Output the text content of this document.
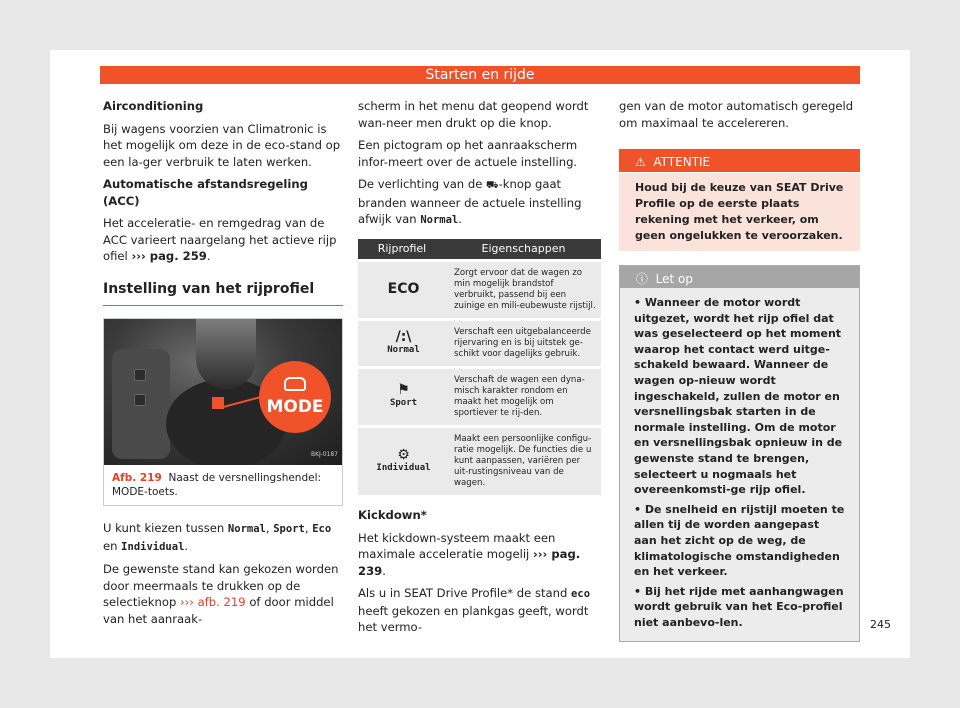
Starten en rijde

Airconditioning

Bij wagens voorzien van Climatronic is het mogelijk om deze in de eco-stand op een la-ger verbruik te laten werken.

Automatische afstandsregeling (ACC)

Het acceleratie- en remgedrag van de ACC varieert naargelang het actieve rijp ofiel ››› pag. 259.

Instelling van het rijprofiel
MODE
BKJ-0187
Afb. 219 Naast de versnellingshendel: MODE-toets.

U kunt kiezen tussen Normal, Sport, Eco en Individual.

De gewenste stand kan gekozen worden door meermaals te drukken op de selectieknop ››› afb. 219 of door middel van het aanraak-

scherm in het menu dat geopend wordt wan-neer men drukt op die knop.

Een pictogram op het aanraakscherm infor-meert over de actuele instelling.

De verlichting van de ⛟-knop gaat branden wanneer de actuele instelling afwijk van Normal.

Rijprofiel	Eigenschappen

ECO	Zorgt ervoor dat de wagen zo min mogelijk brandstof verbruikt, passend bij een zuinige en mili-eubewuste rijstijl.

/:\
Normal	Verschaft een uitgebalanceerde rijervaring en is bij uitstek ge-schikt voor dagelijks gebruik.

⚑
Sport	Verschaft de wagen een dyna-misch karakter rondom en maakt het mogelijk om sportiever te rij-den.

⚙
Individual	Maakt een persoonlijke configu-ratie mogelijk. De functies die u kunt aanpassen, variëren per uit-rustingsniveau van de wagen.

Kickdown*

Het kickdown-systeem maakt een maximale acceleratie mogelij ››› pag. 239.

Als u in SEAT Drive Profile* de stand eco heeft gekozen en plankgas geeft, wordt het vermo-

gen van de motor automatisch geregeld om maximaal te accelereren.

⚠ ATTENTIE
Houd bij de keuze van SEAT Drive Profile op de eerste plaats rekening met het verkeer, om geen ongelukken te veroorzaken.
ⓘ Let op

• Wanneer de motor wordt uitgezet, wordt het rijp ofiel dat was geselecteerd op het moment waarop het contact werd uitge-schakeld bewaard. Wanneer de wagen op-nieuw wordt ingeschakeld, zullen de motor en versnellingsbak starten in de normale instelling. Om de motor en versnellingsbak opnieuw in de gewenste stand te brengen, selecteert u nogmaals het overeenkomsti-ge rijp ofiel.

• De snelheid en rijstijl moeten te allen tij de worden aangepast aan het zicht op de weg, de klimatologische omstandigheden en het verkeer.

• Bij het rijde met aanhangwagen wordt gebruik van het Eco-profiel niet aanbevo-len.	245
